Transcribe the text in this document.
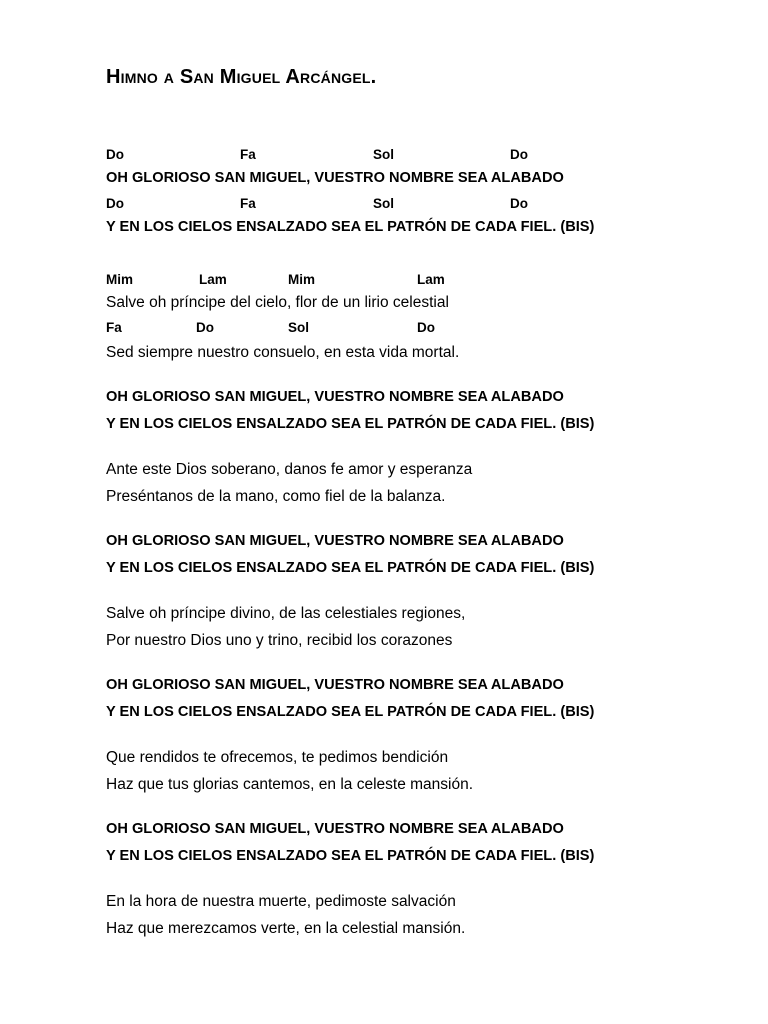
Himno a San Miguel Arcángel.
Do	Fa	Sol	Do
OH GLORIOSO SAN MIGUEL, VUESTRO NOMBRE SEA ALABADO
Do	Fa	Sol	Do
Y EN LOS CIELOS ENSALZADO SEA EL PATRÓN DE CADA FIEL. (BIS)
Mim	Lam	Mim	Lam
Salve oh príncipe del cielo, flor de un lirio celestial
Fa	Do	Sol	Do
Sed siempre nuestro consuelo, en esta vida mortal.
OH GLORIOSO SAN MIGUEL, VUESTRO NOMBRE SEA ALABADO
Y EN LOS CIELOS ENSALZADO SEA EL PATRÓN DE CADA FIEL. (BIS)
Ante este Dios soberano, danos fe amor y esperanza
Preséntanos de la mano, como fiel de la balanza.
OH GLORIOSO SAN MIGUEL, VUESTRO NOMBRE SEA ALABADO
Y EN LOS CIELOS ENSALZADO SEA EL PATRÓN DE CADA FIEL. (BIS)
Salve oh príncipe divino, de las celestiales regiones,
Por nuestro Dios uno y trino, recibid los corazones
OH GLORIOSO SAN MIGUEL, VUESTRO NOMBRE SEA ALABADO
Y EN LOS CIELOS ENSALZADO SEA EL PATRÓN DE CADA FIEL. (BIS)
Que rendidos te ofrecemos, te pedimos bendición
Haz que tus glorias cantemos, en la celeste mansión.
OH GLORIOSO SAN MIGUEL, VUESTRO NOMBRE SEA ALABADO
Y EN LOS CIELOS ENSALZADO SEA EL PATRÓN DE CADA FIEL. (BIS)
En la hora de nuestra muerte, pedimoste salvación
Haz que merezcamos verte, en la celestial mansión.
